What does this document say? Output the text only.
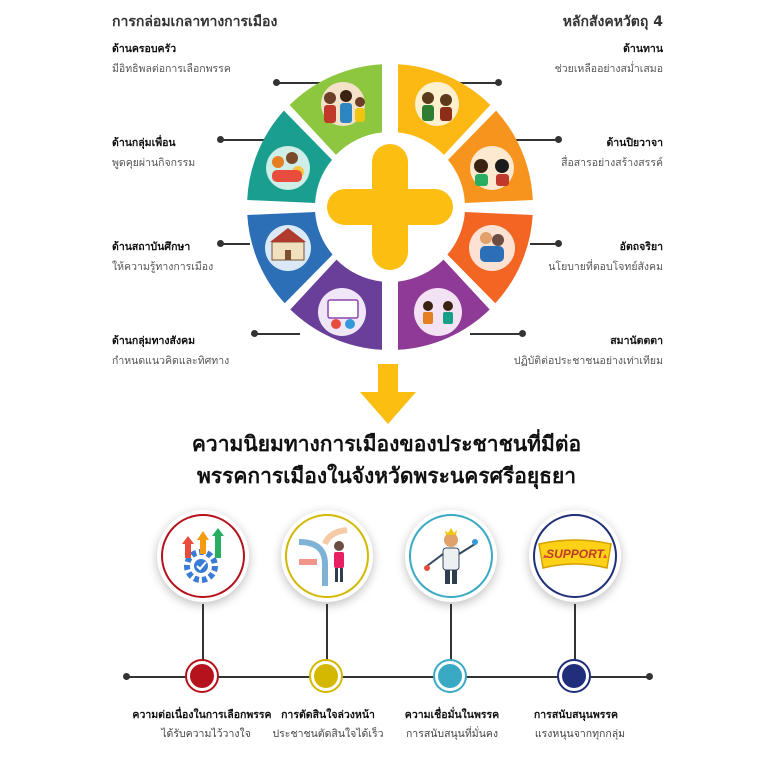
การกล่อมเกลาทางการเมือง	หลักสังคหวัตถุ 4
ด้านครอบครัว
มีอิทธิพลต่อการเลือกพรรค
ด้านกลุ่มเพื่อน
พูดคุยผ่านกิจกรรม
ด้านสถาบันศึกษา
ให้ความรู้ทางการเมือง
ด้านกลุ่มทางสังคม
กำหนดแนวคิดและทิศทาง
ด้านทาน
ช่วยเหลืออย่างสม่ำเสมอ
ด้านปิยวาจา
สื่อสารอย่างสร้างสรรค์
อัตถจริยา
นโยบายที่ตอบโจทย์สังคม
สมานัตตตา
ปฏิบัติต่อประชาชนอย่างเท่าเทียม
ความนิยมทางการเมืองของประชาชนที่มีต่อ
พรรคการเมืองในจังหวัดพระนครศรีอยุธยา
SUPPORT
ความต่อเนื่องในการเลือกพรรค
ได้รับความไว้วางใจ
การตัดสินใจล่วงหน้า
ประชาชนตัดสินใจได้เร็ว
ความเชื่อมั่นในพรรค
การสนับสนุนที่มั่นคง
การสนับสนุนพรรค
แรงหนุนจากทุกกลุ่ม
